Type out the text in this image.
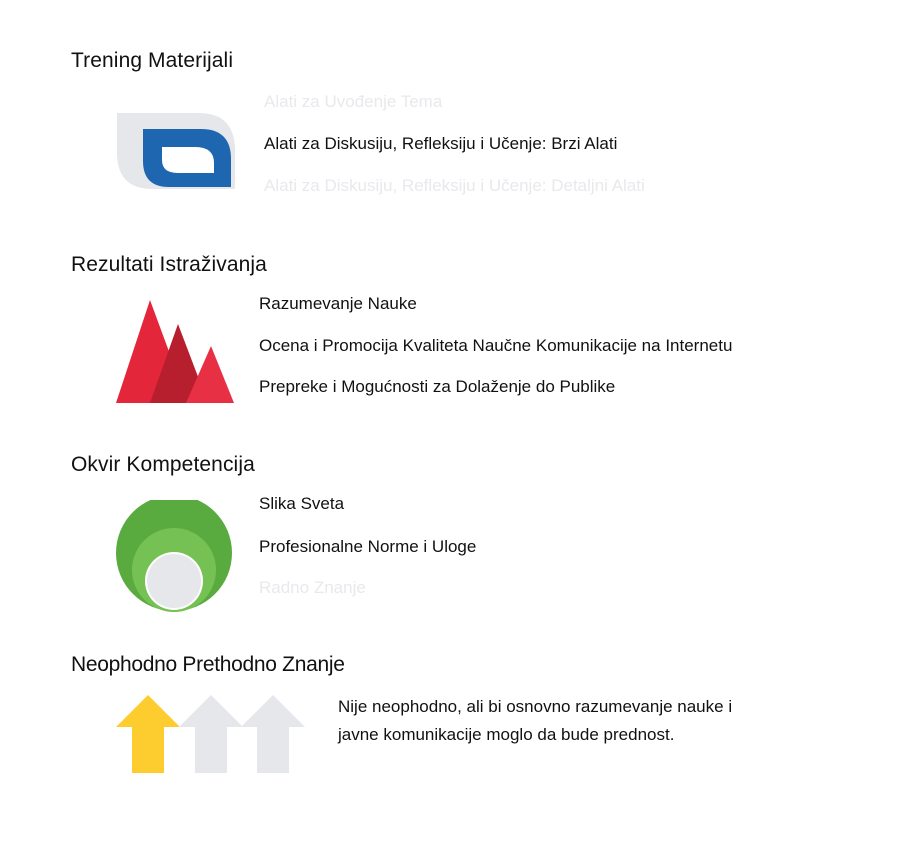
Trening Materijali
Alati za Uvođenje Tema
Alati za Diskusiju, Refleksiju i Učenje: Brzi Alati
Alati za Diskusiju, Refleksiju i Učenje: Detaljni Alati
Rezultati Istraživanja
Razumevanje Nauke
Ocena i Promocija Kvaliteta Naučne Komunikacije na Internetu
Prepreke i Mogućnosti za Dolaženje do Publike
Okvir Kompetencija
Slika Sveta
Profesionalne Norme i Uloge
Radno Znanje
Neophodno Prethodno Znanje
Nije neophodno, ali bi osnovno razumevanje nauke i
javne komunikacije moglo da bude prednost.
